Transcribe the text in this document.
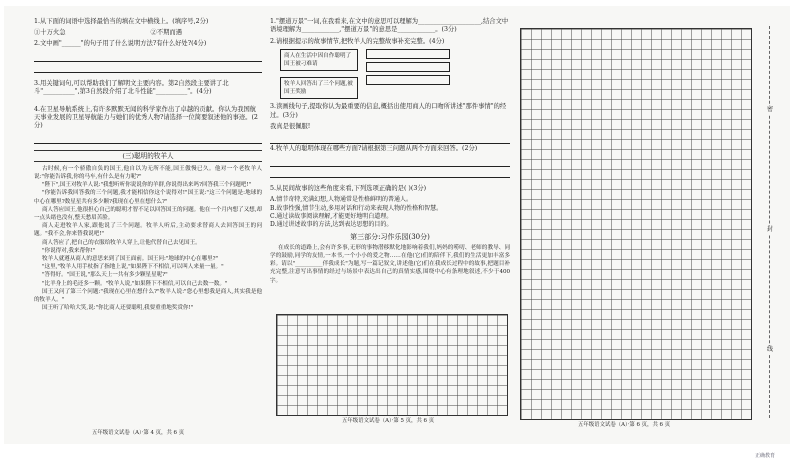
1.从下面的词语中选择最恰当的填在文中横线上。(填序号,2分)

①十万火急	②不期而遇

2.文中画"______"的句子用了什么说明方法?有什么好处?(4分)

3.用关键词句,可以帮助我们了解明文主要内容。第2自然段主要讲了北斗"__________",第3自然段介绍了北斗性能"__________"。(4分)

4.在卫星导航系统上,有许多默默无闻的科学家作出了卓越的贡献。你认为我国航天事业发展的卫星导航能力与她们的优秀人物?请选择一位简要叙述他的事迹。(2分)

(三)聪明的牧羊人

古时候,有一个骄傲自负的国王,他自以为无所不能,国王傲慢已久。他对一个老牧羊人说:"你能告诉我,你的马车,有什么是有力呢?"

"陛下",国王对牧羊人说:"我想听听你说说你的羊群,你说得出来吗?回答我三个问题吧!"

"你能告诉我回答我的三个问题,我才能相信你这个说得对!"国王说:"这三个问题是:地球的中心在哪里?数星星共有多少颗?我现在心里在想什么?"

商人答应国王,他很担心自己的聪明才智不足以回答国王的问题。他在一个月内想了又想,却一点头绪也没有,整天愁眉苦脸。

商人走进牧羊人家,跟他说了三个问题。牧羊人听后,主动要求替商人去回答国王的问题。"我不会,你来替我说吧!"

商人答应了,把自己的衣服给牧羊人穿上,让他代替自己去见国王。

"你说得对,我来帮你!"

牧羊人就遵从商人的意思来到了国王面前。国王问:"地球的中心在哪里?"

"这里,"牧羊人用手杖指了指地上说,"如果陛下不相信,可以叫人来量一量。"

"答得好。"国王说,"那么天上一共有多少颗星星呢?"

"比羊身上的毛还多一颗。"牧羊人说,"如果陛下不相信,可以自己去数一数。"

国王又问了第三个问题:"我现在心里在想什么?"牧羊人说:"您心里想我是商人,其实我是他的牧羊人。"

国王听了哈哈大笑,说:"你比商人还要聪明,我要重重地奖赏你!"

五年级语文试卷（A）·第 4 页，共 6 页

1."摆道万景"一词,在我看来,在文中的意思可以理解为____________________,结合文中语境理解为____________,"摆道万景"的意思是____________。(3分)

2.请根据提示的故事情节,把牧羊人的完整故事补充完整。(4分)

商人在生活中因自作聪明了国王被刁难请
牧羊人回答出了三个问题,被国王奖励

3.读画线句子,提取你认为最重要的信息,概括出使用商人的口吻所讲述"那件事情"的经过。(3分)

我真是很佩服!

4.牧羊人的聪明体现在哪些方面?请根据第三问题从两个方面来回答。(2分)

5.从民间故事的这些角度来看,下列选项正确的是( )(3分)

A.情节奇特,充满幻想,人物通常是性格鲜明的普通人。

B.故事性强,情节生动,多用对话和行动来表现人物的性格和智慧。

C.通过读故事阅读理解,才能更好地明白道理。

D.通过讲述故事的方法,达到表达思想的目的。

第三部分:习作乐园(30分)

在成长的道路上,会有许多事,无形的事物潜移默化地影响着我们,妈妈的唠叨、老师的教导、同学的鼓励,同学的友情,一本书,一个小小的爱之物……在他(它)们的陪伴下,我们的生活更加丰富多彩。请以"__________伴我成长"为题,写一篇记叙文,讲述他(它)们在我成长过程中的故事,把题目补充完整,注意写出事情的经过与场景中表达出自己的真情实感,围绕中心有条理地叙述,不少于400字。

五年级语文试卷（A）·第 5 页，共 6 页
五年级语文试卷（A）·第 6 页，共 6 页
密
封
线
正确教育
